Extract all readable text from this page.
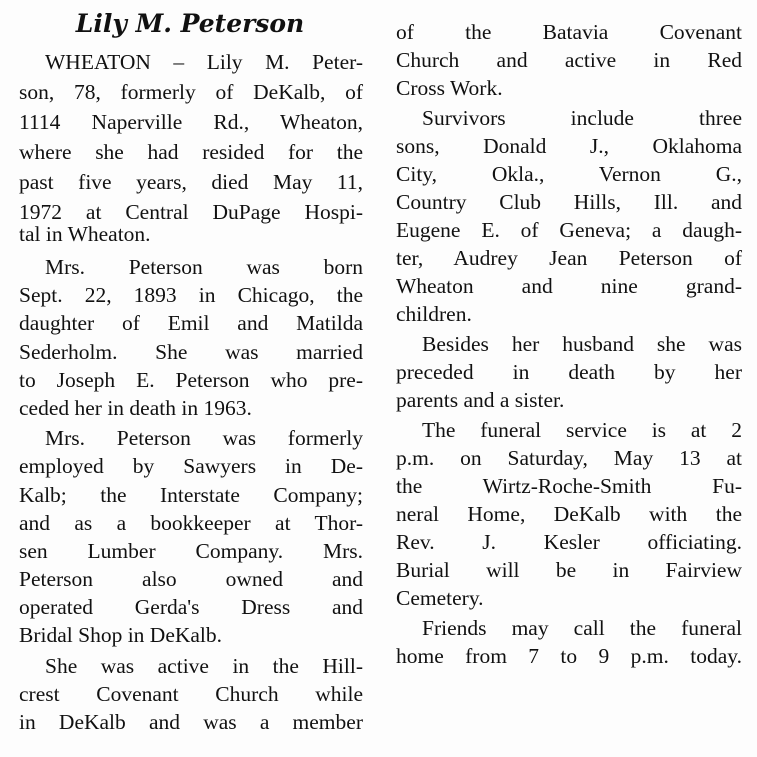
Lily M. Peterson
WHEATON – Lily M. Peter-
son, 78, formerly of DeKalb, of
1114 Naperville Rd., Wheaton,
where she had resided for the
past five years, died May 11,
1972 at Central DuPage Hospi-
tal in Wheaton.
Mrs. Peterson was born
Sept. 22, 1893 in Chicago, the
daughter of Emil and Matilda
Sederholm. She was married
to Joseph E. Peterson who pre-
ceded her in death in 1963.
Mrs. Peterson was formerly
employed by Sawyers in De-
Kalb; the Interstate Company;
and as a bookkeeper at Thor-
sen Lumber Company. Mrs.
Peterson also owned and
operated Gerda's Dress and
Bridal Shop in DeKalb.
She was active in the Hill-
crest Covenant Church while
in DeKalb and was a member
of the Batavia Covenant
Church and active in Red
Cross Work.
Survivors include three
sons, Donald J., Oklahoma
City, Okla., Vernon G.,
Country Club Hills, Ill. and
Eugene E. of Geneva; a daugh-
ter, Audrey Jean Peterson of
Wheaton and nine grand-
children.
Besides her husband she was
preceded in death by her
parents and a sister.
The funeral service is at 2
p.m. on Saturday, May 13 at
the Wirtz-Roche-Smith Fu-
neral Home, DeKalb with the
Rev. J. Kesler officiating.
Burial will be in Fairview
Cemetery.
Friends may call the funeral
home from 7 to 9 p.m. today.
